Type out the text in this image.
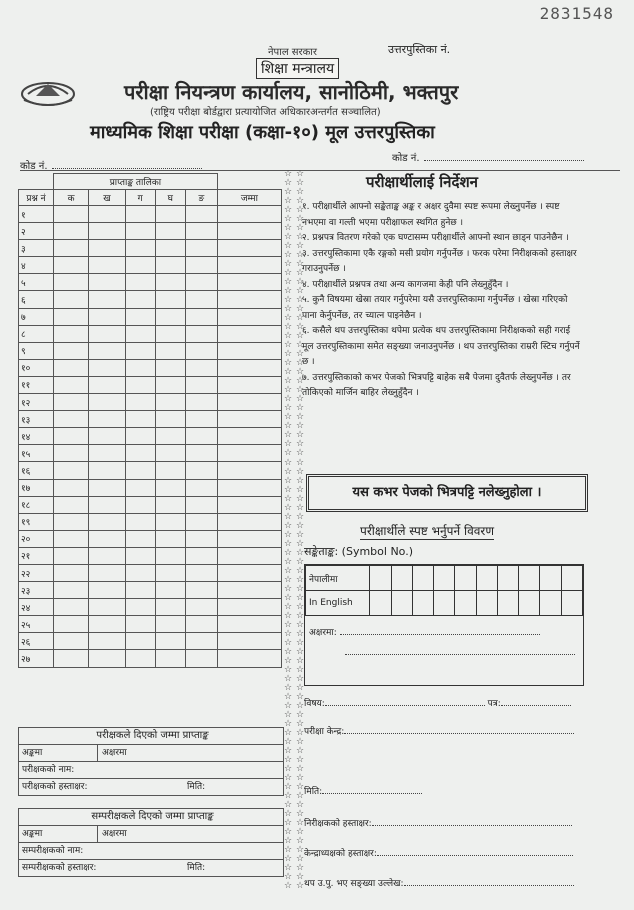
2831548
नेपाल सरकार	उत्तरपुस्तिका नं.
शिक्षा मन्त्रालय
परीक्षा नियन्त्रण कार्यालय, सानोठिमी, भक्तपुर
(राष्ट्रिय परीक्षा बोर्डद्वारा प्रत्यायोजित अधिकारअन्तर्गत सञ्चालित)
माध्यमिक शिक्षा परीक्षा (कक्षा-१०) मूल उत्तरपुस्तिका
कोड नं.
कोड नं.
	प्राप्ताङ्क तालिका					
प्रश्न नं	क	ख	ग	घ	ङ	जम्मा
१						
२						
३						
४						
५						
६						
७						
८						
९						
१०						
११						
१२						
१३						
१४						
१५						
१६						
१७						
१८						
१९						
२०						
२१						
२२						
२३						
२४						
२५						
२६						
२७						
परीक्षकले दिएको जम्मा प्राप्ताङ्क
अङ्कमा	अक्षरमा
परीक्षकको नाम:
परीक्षकको हस्ताक्षर:	मिति:
सम्परीक्षकले दिएको जम्मा प्राप्ताङ्क
अङ्कमा	अक्षरमा
सम्परीक्षकको नाम:
सम्परीक्षकको हस्ताक्षर:	मिति:
☆
☆
☆
☆
☆
☆
☆
☆
☆
☆
☆
☆
☆
☆
☆
☆
☆
☆
☆
☆
☆
☆
☆
☆
☆
☆
☆
☆
☆
☆
☆
☆
☆
☆
☆
☆
☆
☆
☆
☆
☆
☆
☆
☆
☆
☆
☆
☆
☆
☆
☆
☆
☆
☆
☆
☆
☆
☆
☆
☆
☆
☆
☆
☆
☆
☆
☆
☆
☆
☆
☆
☆
☆
☆
☆
☆
☆
☆
☆
☆
☆
☆
☆
☆
☆
☆
☆
☆
☆
☆
☆
☆
☆
☆
☆
☆
☆
☆
☆
☆
☆
☆
☆
☆
☆
☆
☆
☆
☆
☆
☆
☆
☆
☆
☆
☆
☆
☆
☆
☆
☆
☆
☆
☆
☆
☆
☆
☆
☆
☆
☆
☆
☆
☆
☆
☆
☆
☆
☆
☆
☆
☆
☆
☆
☆
☆
☆
☆
☆
☆
☆
☆
☆
☆
☆
☆
☆
☆
☆
☆
परीक्षार्थीलाई निर्देशन
१. परीक्षार्थीले आफ्नो सङ्केताङ्क अङ्क र अक्षर दुवैमा स्पष्ट रूपमा लेख्नुपर्नेछ । स्पष्ट नभएमा वा गल्ती भएमा परीक्षाफल स्थगित हुनेछ ।
२. प्रश्नपत्र वितरण गरेको एक घण्टासम्म परीक्षार्थीले आफ्नो स्थान छाड्न पाउनेछैन ।
३. उत्तरपुस्तिकामा एकै रङ्गको मसी प्रयोग गर्नुपर्नेछ । फरक परेमा निरीक्षकको हस्ताक्षर गराउनुपर्नेछ ।
४. परीक्षार्थीले प्रश्नपत्र तथा अन्य कागजमा केही पनि लेख्नुहुँदैन ।
५. कुनै विषयमा खेस्रा तयार गर्नुपरेमा यसै उत्तरपुस्तिकामा गर्नुपर्नेछ । खेस्रा गरिएको पाना केर्नुपर्नेछ, तर च्यात्न पाइनेछैन ।
६. कसैले थप उत्तरपुस्तिका थपेमा प्रत्येक थप उत्तरपुस्तिकामा निरीक्षकको सही गराई मूल उत्तरपुस्तिकामा समेत सङ्ख्या जनाउनुपर्नेछ । थप उत्तरपुस्तिका राम्ररी स्टिच गर्नुपर्ने छ ।
७. उत्तरपुस्तिकाको कभर पेजको भित्रपट्टि बाहेक सबै पेजमा दुवैतर्फ लेख्नुपर्नेछ । तर तोकिएको मार्जिन बाहिर लेख्नुहुँदैन ।
यस कभर पेजको भित्रपट्टि नलेख्नुहोला ।
परीक्षार्थीले स्पष्ट भर्नुपर्ने विवरण
सङ्केताङ्क: (Symbol No.)
नेपालीमा										
In English										
अक्षरमा:

विषय:	पत्र:
परीक्षा केन्द्र:
मिति:
निरीक्षकको हस्ताक्षर:
केन्द्राध्यक्षको हस्ताक्षर:
थप उ.पु. भए सङ्ख्या उल्लेख:
